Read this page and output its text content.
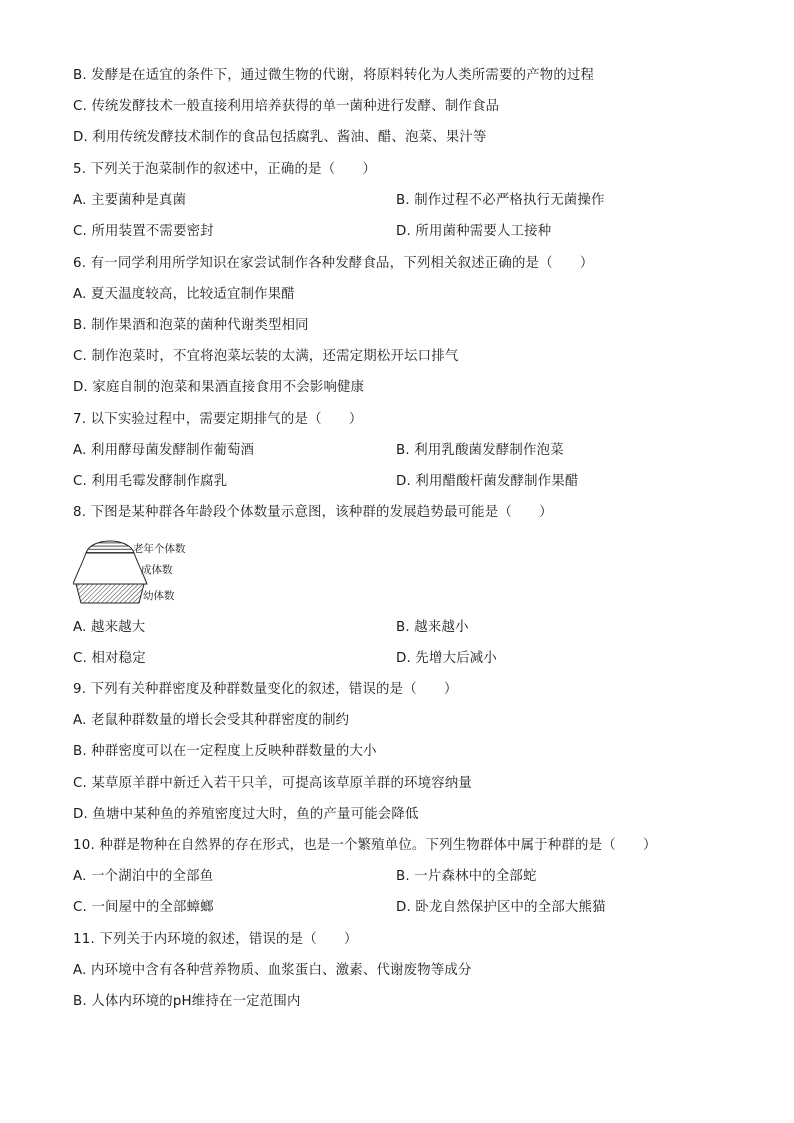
B. 发酵是在适宜的条件下，通过微生物的代谢，将原料转化为人类所需要的产物的过程
C. 传统发酵技术一般直接利用培养获得的单一菌种进行发酵、制作食品
D. 利用传统发酵技术制作的食品包括腐乳、酱油、醋、泡菜、果汁等
5. 下列关于泡菜制作的叙述中，正确的是（　　）
A. 主要菌种是真菌	B. 制作过程不必严格执行无菌操作
C. 所用装置不需要密封	D. 所用菌种需要人工接种
6. 有一同学利用所学知识在家尝试制作各种发酵食品，下列相关叙述正确的是（　　）
A. 夏天温度较高，比较适宜制作果醋
B. 制作果酒和泡菜的菌种代谢类型相同
C. 制作泡菜时，不宜将泡菜坛装的太满，还需定期松开坛口排气
D. 家庭自制的泡菜和果酒直接食用不会影响健康
7. 以下实验过程中，需要定期排气的是（　　）
A. 利用酵母菌发酵制作葡萄酒	B. 利用乳酸菌发酵制作泡菜
C. 利用毛霉发酵制作腐乳	D. 利用醋酸杆菌发酵制作果醋
8. 下图是某种群各年龄段个体数量示意图，该种群的发展趋势最可能是（　　）
老年个体数
成体数
幼体数
A. 越来越大	B. 越来越小
C. 相对稳定	D. 先增大后减小
9. 下列有关种群密度及种群数量变化的叙述，错误的是（　　）
A. 老鼠种群数量的增长会受其种群密度的制约
B. 种群密度可以在一定程度上反映种群数量的大小
C. 某草原羊群中新迁入若干只羊，可提高该草原羊群的环境容纳量
D. 鱼塘中某种鱼的养殖密度过大时，鱼的产量可能会降低
10. 种群是物种在自然界的存在形式，也是一个繁殖单位。下列生物群体中属于种群的是（　　）
A. 一个湖泊中的全部鱼	B. 一片森林中的全部蛇
C. 一间屋中的全部蟑螂	D. 卧龙自然保护区中的全部大熊猫
11. 下列关于内环境的叙述，错误的是（　　）
A. 内环境中含有各种营养物质、血浆蛋白、激素、代谢废物等成分
B. 人体内环境的pH维持在一定范围内
